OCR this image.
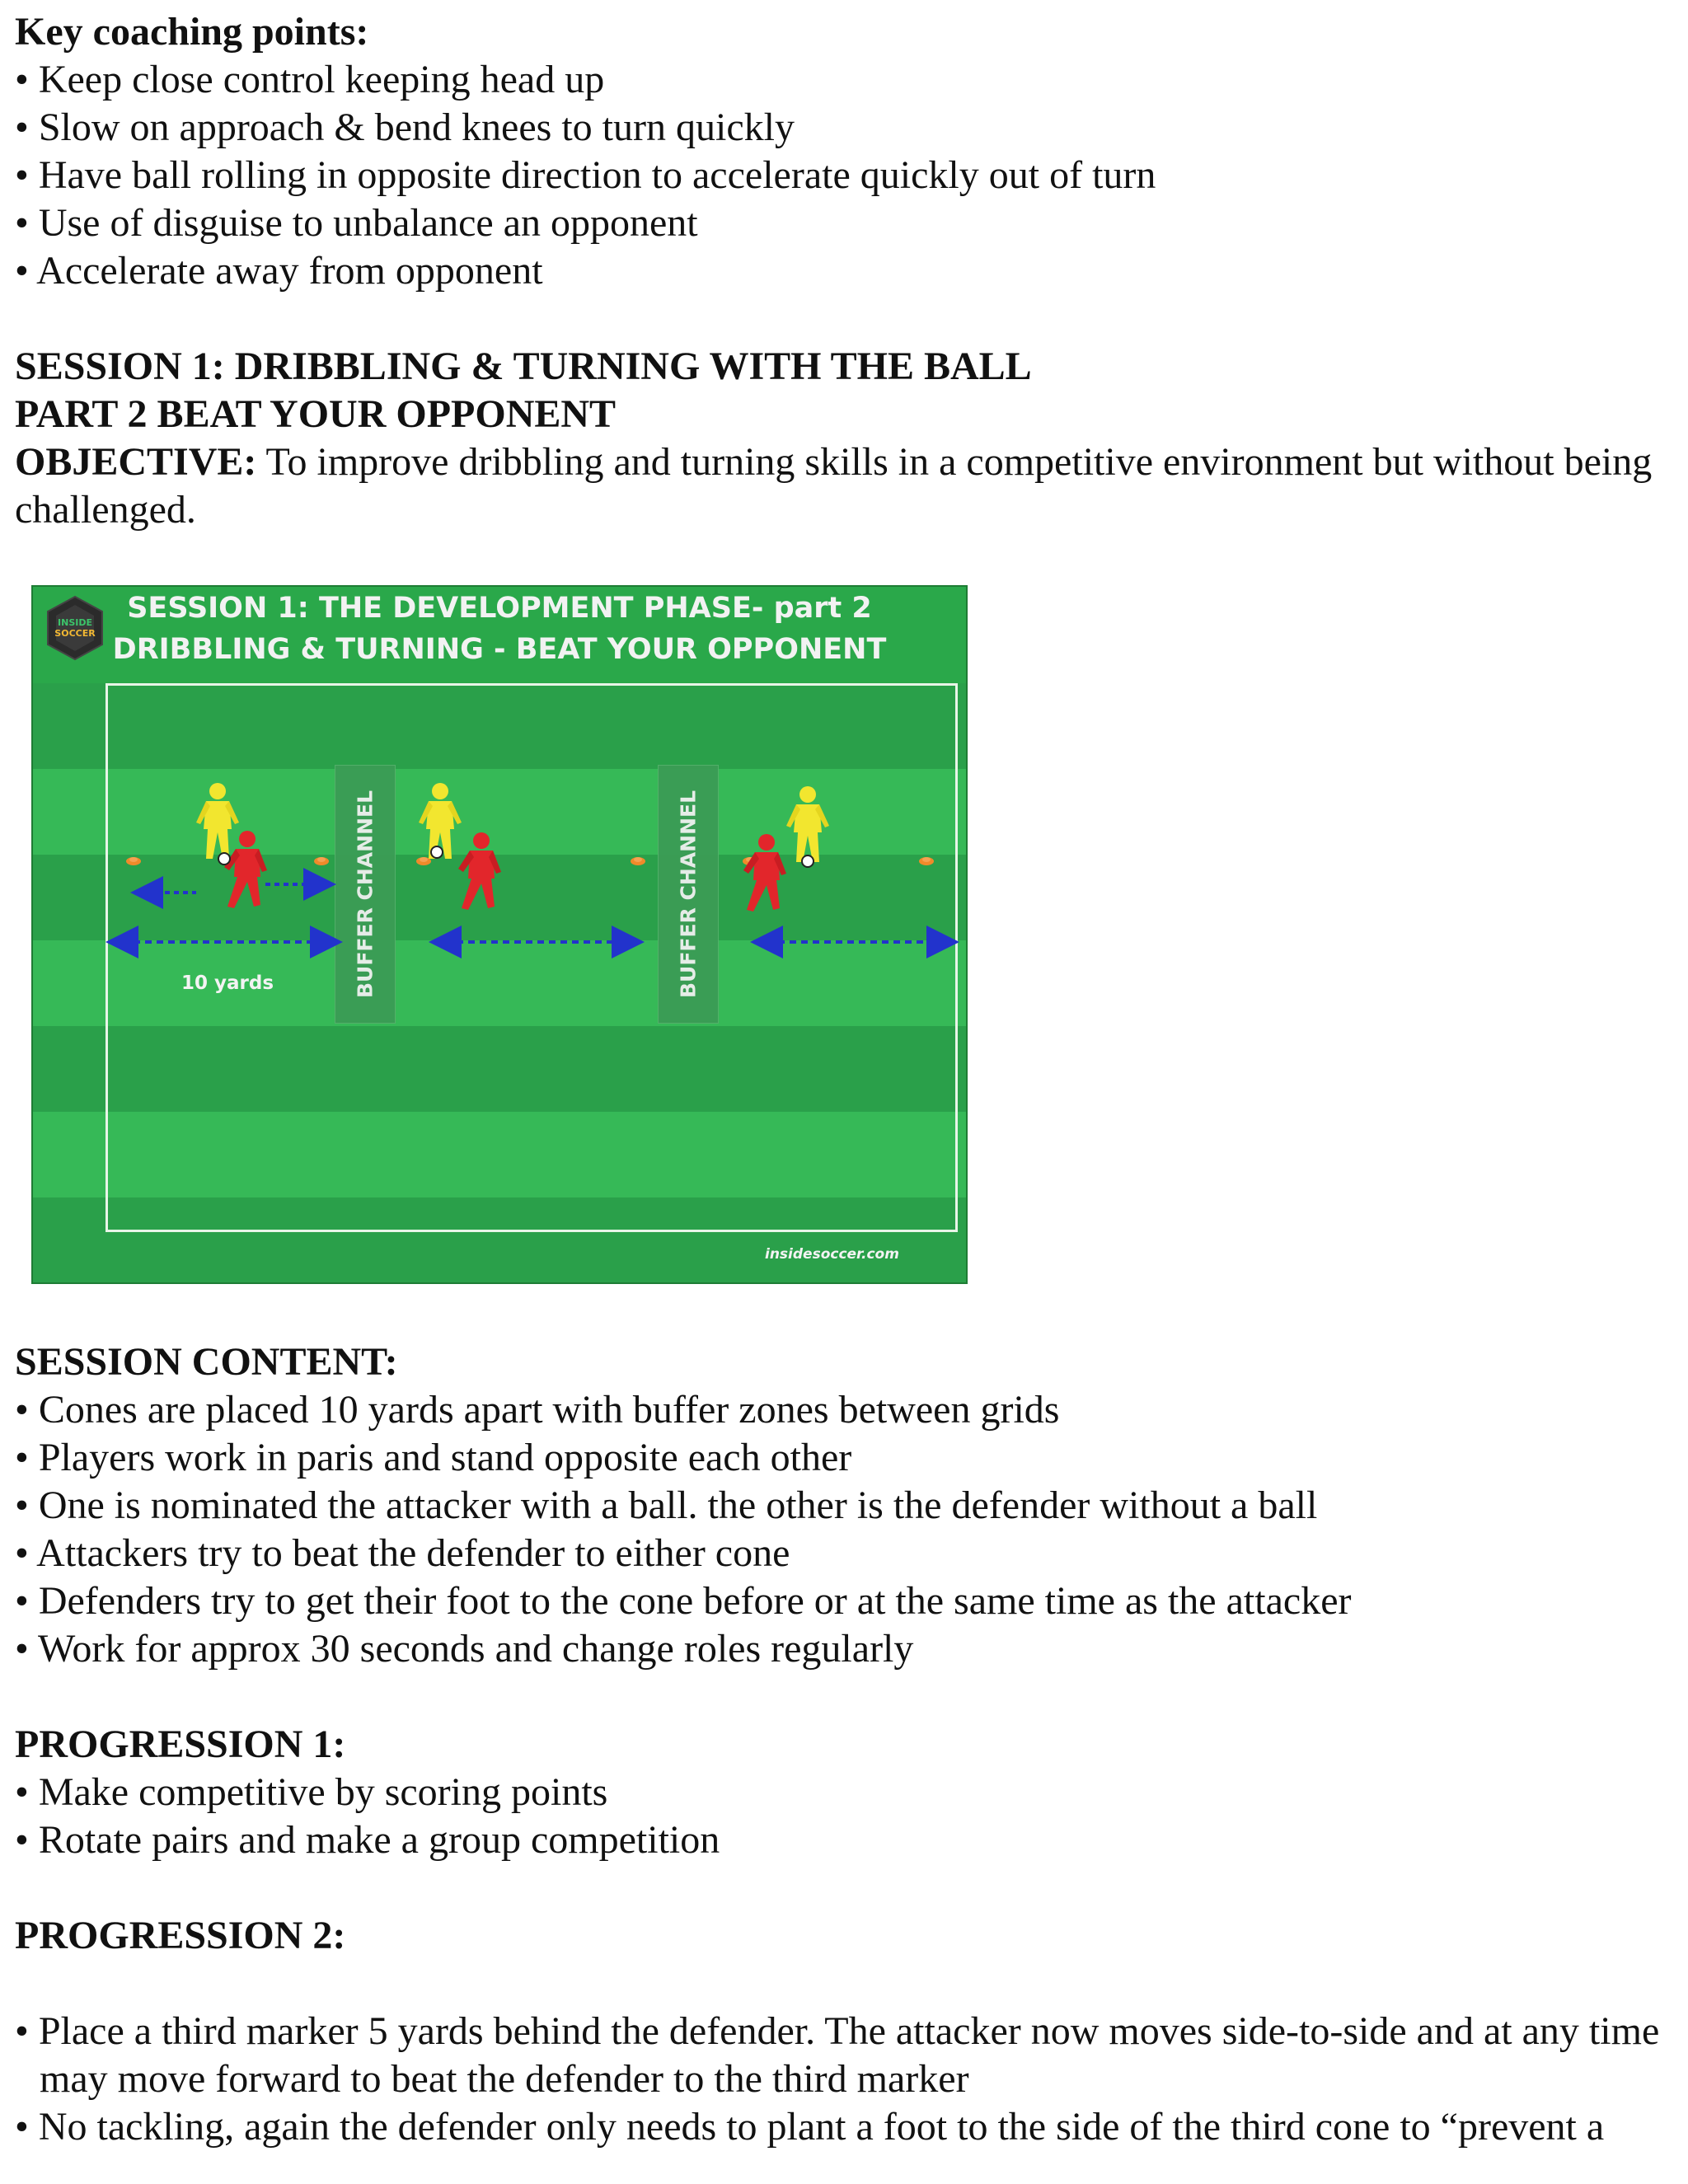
Key coaching points:

• Keep close control keeping head up
• Slow on approach & bend knees to turn quickly
• Have ball rolling in opposite direction to accelerate quickly out of turn
• Use of disguise to unbalance an opponent
• Accelerate away from opponent

SESSION 1: DRIBBLING & TURNING WITH THE BALL

PART 2 BEAT YOUR OPPONENT

OBJECTIVE: To improve dribbling and turning skills in a competitive environment but without being challenged.

INSIDE
SOCCER
SESSION 1: THE DEVELOPMENT PHASE- part 2
DRIBBLING & TURNING - BEAT YOUR OPPONENT
BUFFER CHANNEL	BUFFER CHANNEL
10 yards
insidesoccer.com

SESSION CONTENT:

• Cones are placed 10 yards apart with buffer zones between grids
• Players work in paris and stand opposite each other
• One is nominated the attacker with a ball. the other is the defender without a ball
• Attackers try to beat the defender to either cone
• Defenders try to get their foot to the cone before or at the same time as the attacker
• Work for approx 30 seconds and change roles regularly

PROGRESSION 1:

• Make competitive by scoring points
• Rotate pairs and make a group competition

PROGRESSION 2:

• Place a third marker 5 yards behind the defender. The attacker now moves side-to-side and at any time may move forward to beat the defender to the third marker
• No tackling, again the defender only needs to plant a foot to the side of the third cone to “prevent a
